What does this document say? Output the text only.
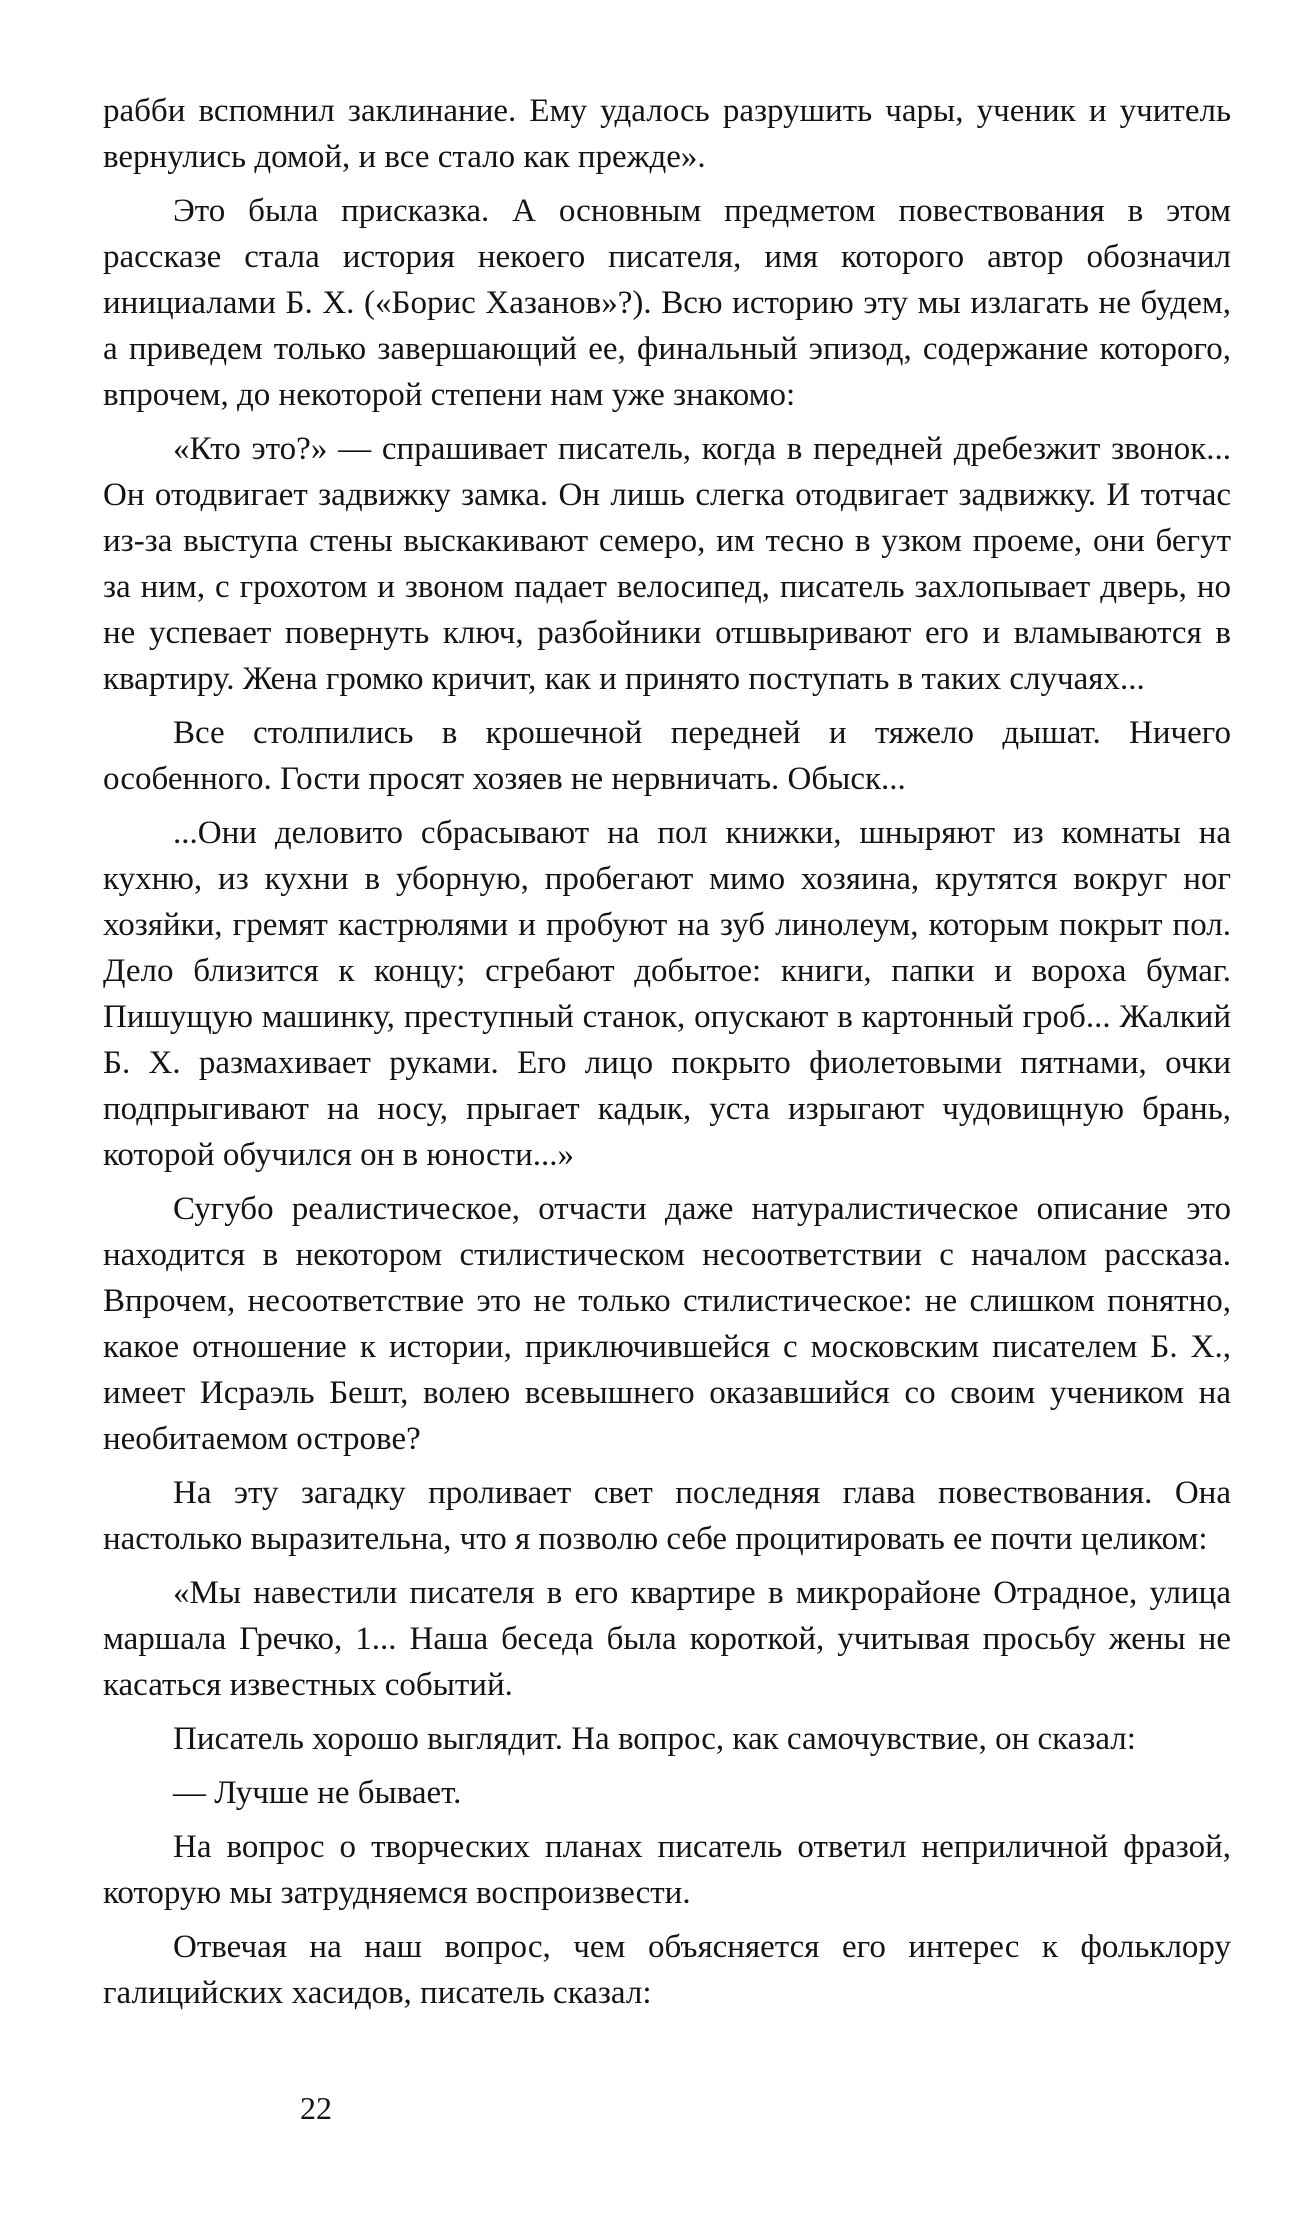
рабби вспомнил заклинание. Ему удалось разрушить чары, ученик и учитель вернулись домой, и все стало как прежде».

Это была присказка. А основным предметом повествования в этом рассказе стала история некоего писателя, имя которого автор обозначил инициалами Б. Х. («Борис Хазанов»?). Всю историю эту мы излагать не будем, а приведем только завершающий ее, финальный эпизод, содержание которого, впрочем, до некоторой степени нам уже знакомо:

«Кто это?» — спрашивает писатель, когда в передней дребезжит звонок... Он отодвигает задвижку замка. Он лишь слегка отодвигает задвижку. И тотчас из-за выступа стены выскакивают семеро, им тесно в узком проеме, они бегут за ним, с грохотом и звоном падает велосипед, писатель захлопывает дверь, но не успевает повернуть ключ, разбойники отшвыривают его и вламываются в квартиру. Жена громко кричит, как и принято поступать в таких случаях...

Все столпились в крошечной передней и тяжело дышат. Ничего особенного. Гости просят хозяев не нервничать. Обыск...

...Они деловито сбрасывают на пол книжки, шныряют из комнаты на кухню, из кухни в уборную, пробегают мимо хозяина, крутятся вокруг ног хозяйки, гремят кастрюлями и пробуют на зуб линолеум, которым покрыт пол. Дело близится к концу; сгребают добытое: книги, папки и вороха бумаг. Пишущую машинку, преступный станок, опускают в картонный гроб... Жалкий Б. Х. размахивает руками. Его лицо покрыто фиолетовыми пятнами, очки подпрыгивают на носу, прыгает кадык, уста изрыгают чудовищную брань, которой обучился он в юности...»

Сугубо реалистическое, отчасти даже натуралистическое описание это находится в некотором стилистическом несоответствии с началом рассказа. Впрочем, несоответствие это не только стилистическое: не слишком понятно, какое отношение к истории, приключившейся с московским писателем Б. Х., имеет Исраэль Бешт, волею всевышнего оказавшийся со своим учеником на необитаемом острове?

На эту загадку проливает свет последняя глава повествования. Она настолько выразительна, что я позволю себе процитировать ее почти целиком:

«Мы навестили писателя в его квартире в микрорайоне Отрадное, улица маршала Гречко, 1... Наша беседа была короткой, учитывая просьбу жены не касаться известных событий.

Писатель хорошо выглядит. На вопрос, как самочувствие, он сказал:

— Лучше не бывает.

На вопрос о творческих планах писатель ответил неприличной фразой, которую мы затрудняемся воспроизвести.

Отвечая на наш вопрос, чем объясняется его интерес к фольклору галицийских хасидов, писатель сказал:

22
